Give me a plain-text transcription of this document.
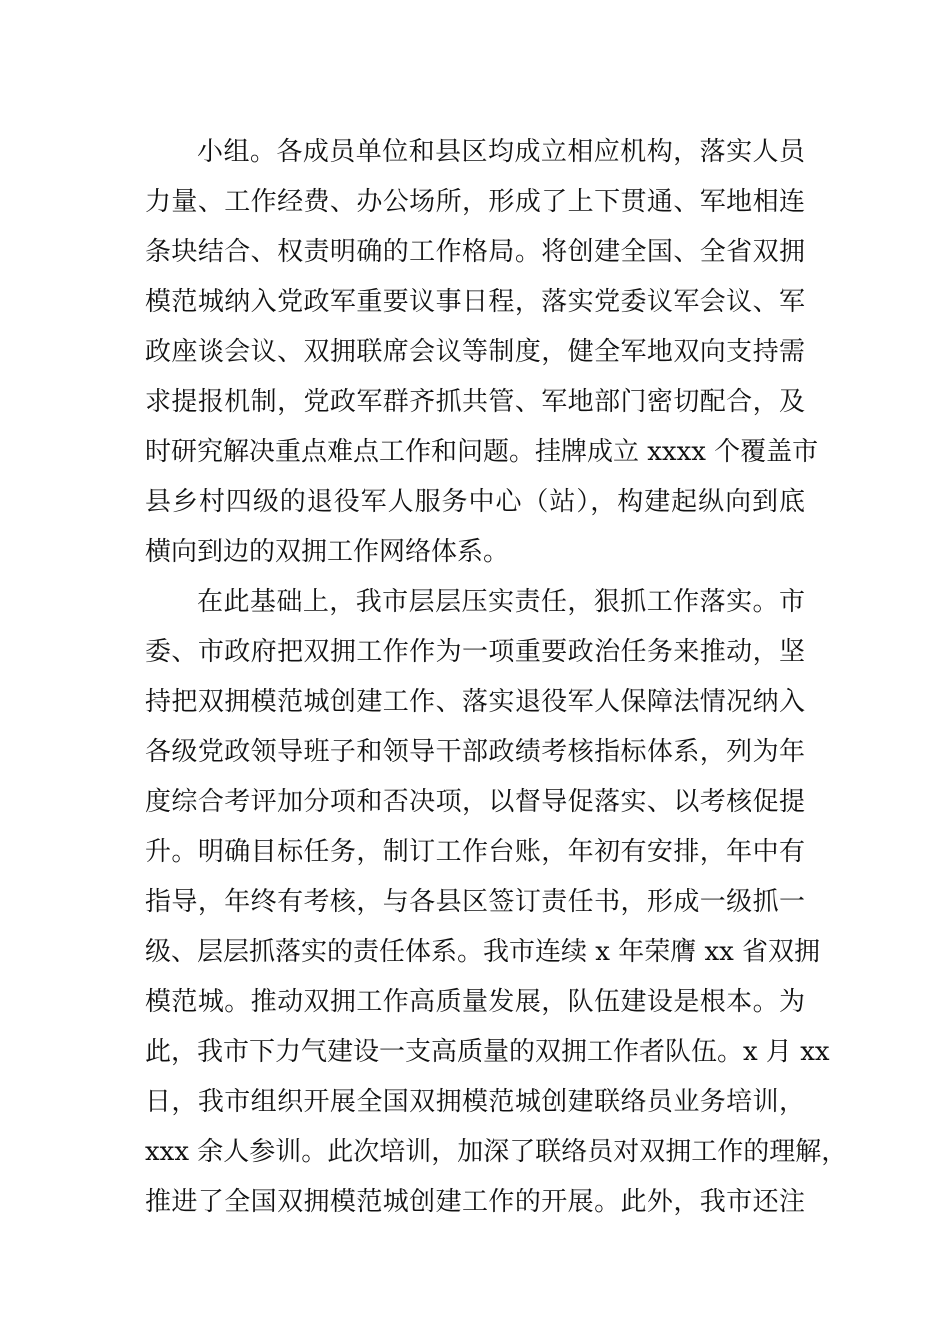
小组。各成员单位和县区均成立相应机构，落实人员
力量、工作经费、办公场所，形成了上下贯通、军地相连
条块结合、权责明确的工作格局。将创建全国、全省双拥
模范城纳入党政军重要议事日程，落实党委议军会议、军
政座谈会议、双拥联席会议等制度，健全军地双向支持需
求提报机制，党政军群齐抓共管、军地部门密切配合，及
时研究解决重点难点工作和问题。挂牌成立 xxxx 个覆盖市
县乡村四级的退役军人服务中心（站），构建起纵向到底
横向到边的双拥工作网络体系。
在此基础上，我市层层压实责任，狠抓工作落实。市
委、市政府把双拥工作作为一项重要政治任务来推动，坚
持把双拥模范城创建工作、落实退役军人保障法情况纳入
各级党政领导班子和领导干部政绩考核指标体系，列为年
度综合考评加分项和否决项，以督导促落实、以考核促提
升。明确目标任务，制订工作台账，年初有安排，年中有
指导，年终有考核，与各县区签订责任书，形成一级抓一
级、层层抓落实的责任体系。我市连续 x 年荣膺 xx 省双拥
模范城。推动双拥工作高质量发展，队伍建设是根本。为
此，我市下力气建设一支高质量的双拥工作者队伍。x 月 xx
日，我市组织开展全国双拥模范城创建联络员业务培训，
xxx 余人参训。此次培训，加深了联络员对双拥工作的理解，
推进了全国双拥模范城创建工作的开展。此外，我市还注
